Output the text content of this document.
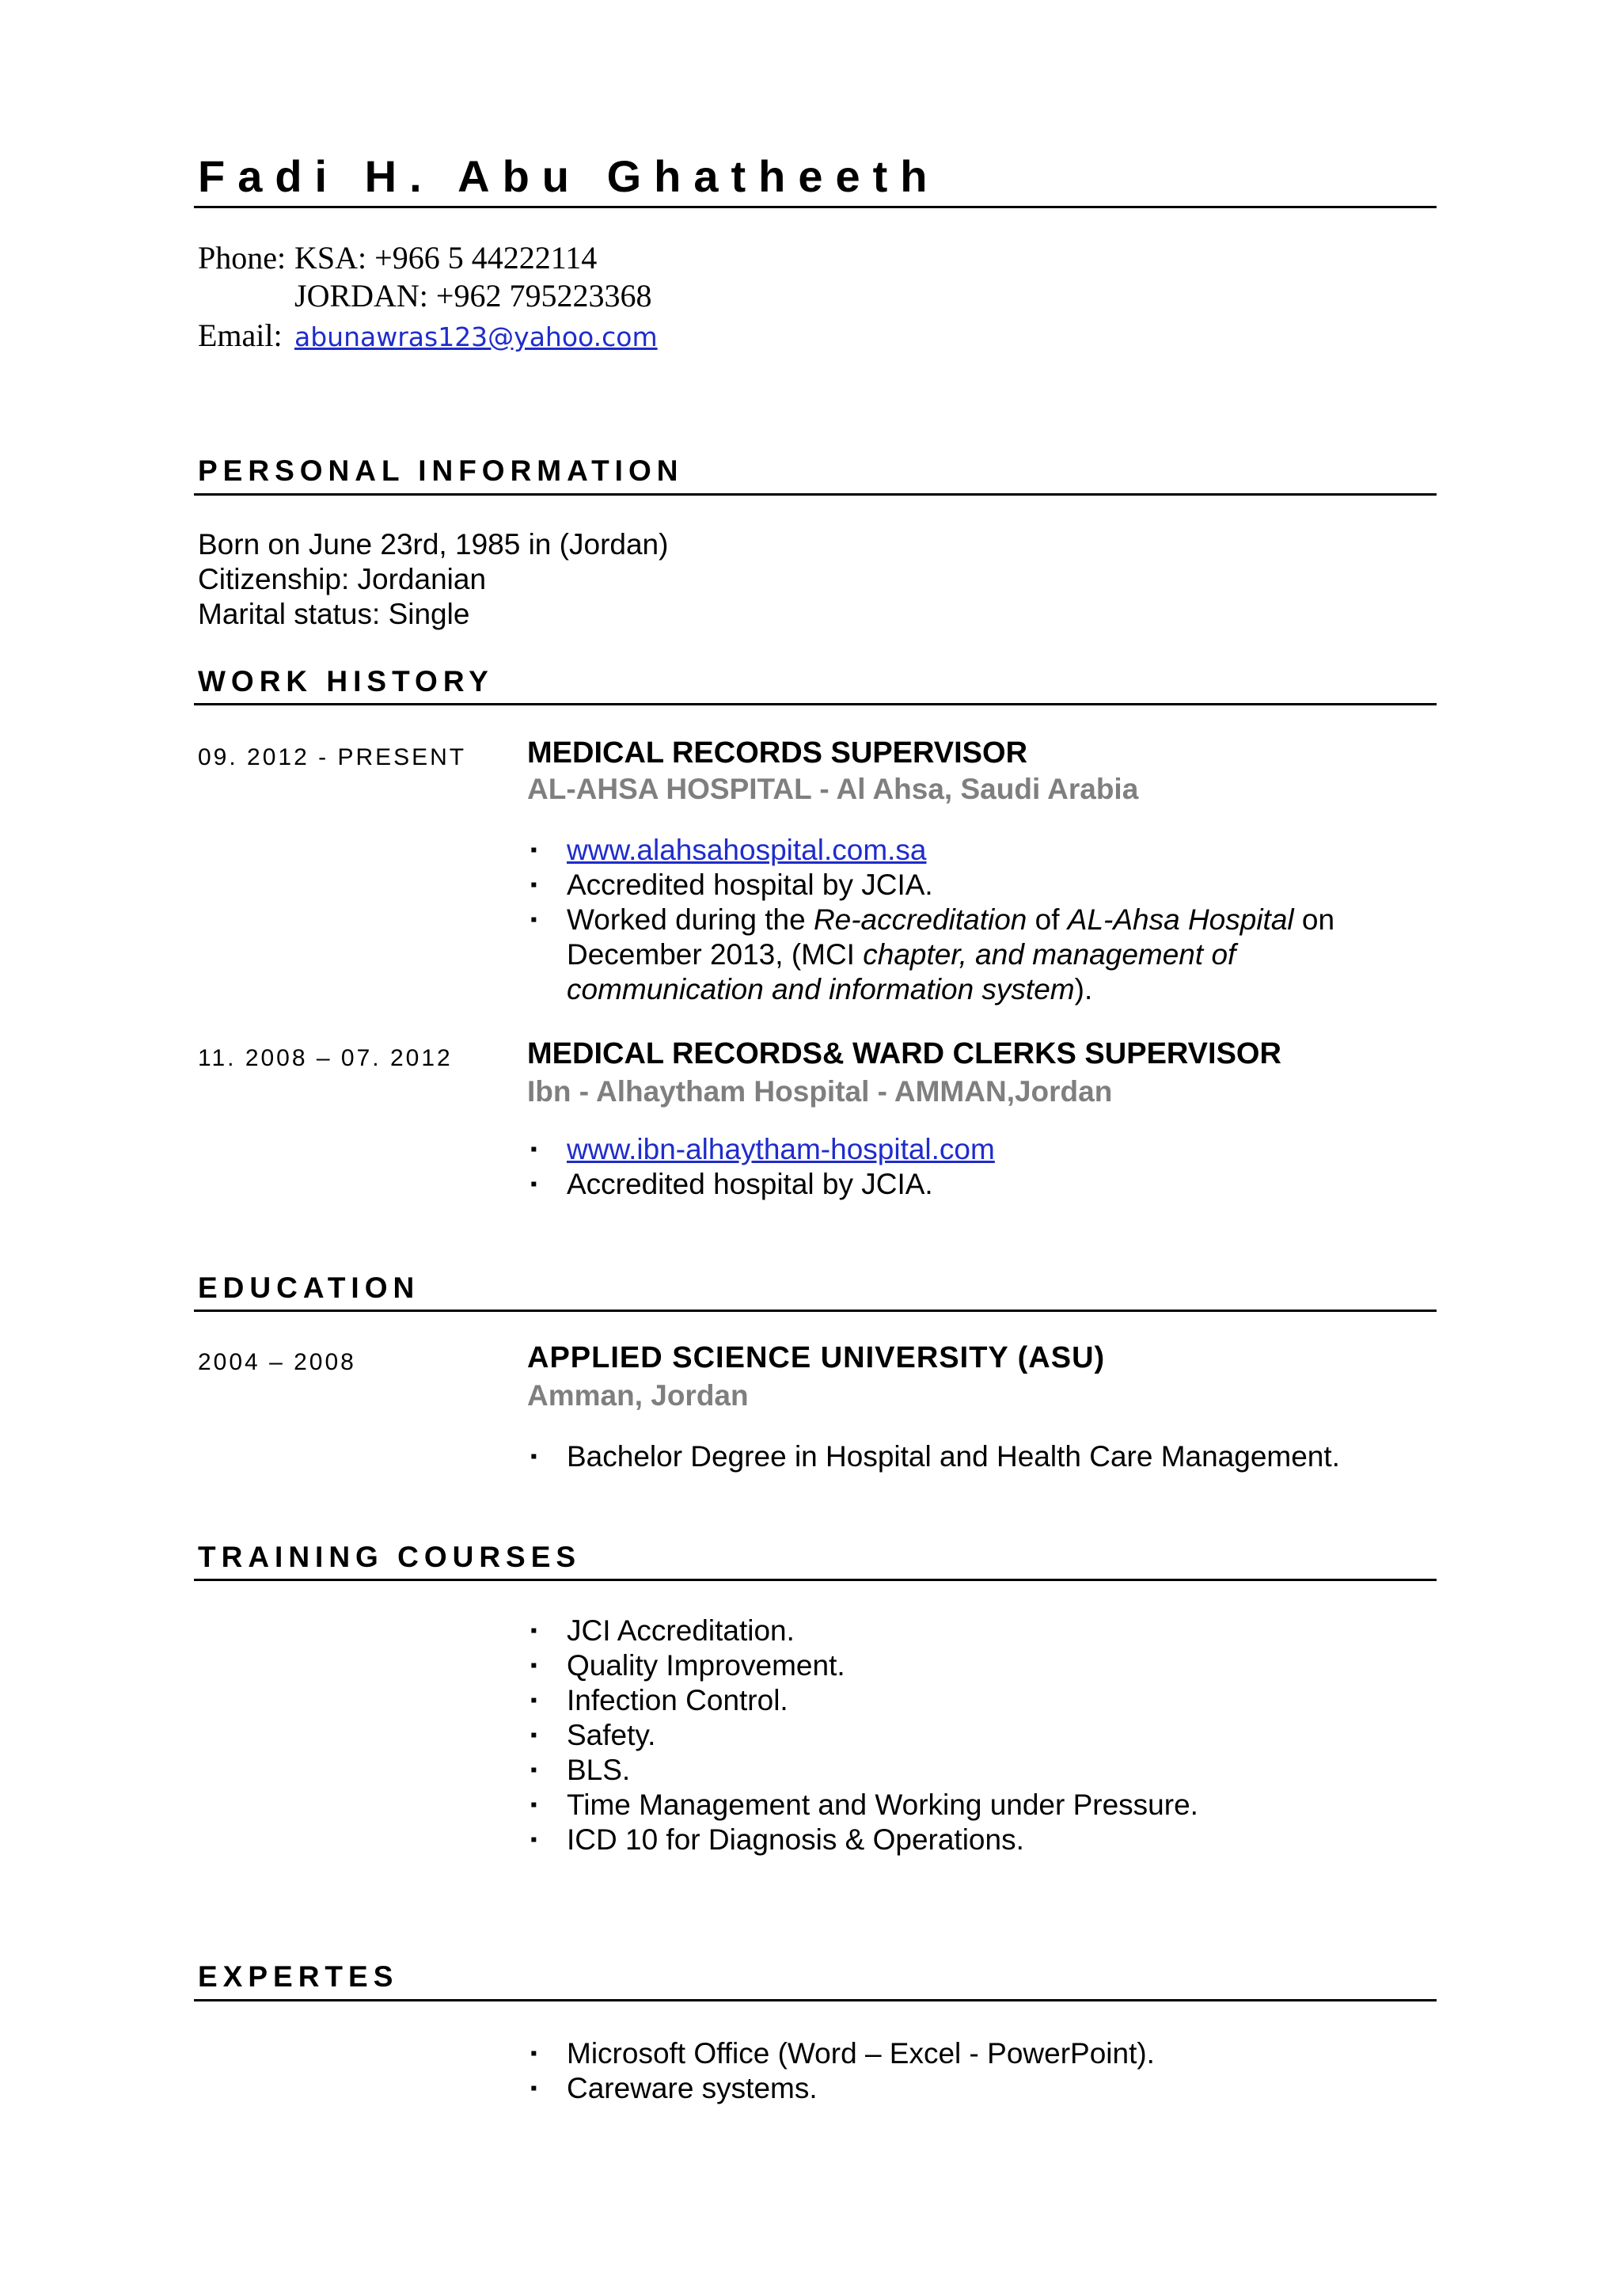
Fadi H. Abu Ghatheeth
Phone: KSA: +966 5 44222114
JORDAN: +962 795223368
Email: abunawras123@yahoo.com
PERSONAL INFORMATION
Born on June 23rd, 1985 in (Jordan)
Citizenship: Jordanian
Marital status: Single
WORK HISTORY
09. 2012 - PRESENT MEDICAL RECORDS SUPERVISOR
AL-AHSA HOSPITAL - Al Ahsa, Saudi Arabia
▪ www.alahsahospital.com.sa
▪ Accredited hospital by JCIA.
▪ Worked during the Re-accreditation of AL-Ahsa Hospital on
December 2013, (MCI chapter, and management of
communication and information system).
11. 2008 – 07. 2012 MEDICAL RECORDS& WARD CLERKS SUPERVISOR
Ibn - Alhaytham Hospital - AMMAN,Jordan
▪ www.ibn-alhaytham-hospital.com
▪ Accredited hospital by JCIA.
EDUCATION
2004 – 2008	APPLIED SCIENCE UNIVERSITY (ASU)
Amman, Jordan
▪ Bachelor Degree in Hospital and Health Care Management.
TRAINING COURSES
▪ JCI Accreditation.
▪ Quality Improvement.
▪ Infection Control.
▪ Safety.
▪ BLS.
▪ Time Management and Working under Pressure.
▪ ICD 10 for Diagnosis & Operations.
EXPERTES
▪ Microsoft Office (Word – Excel - PowerPoint).
▪ Careware systems.
